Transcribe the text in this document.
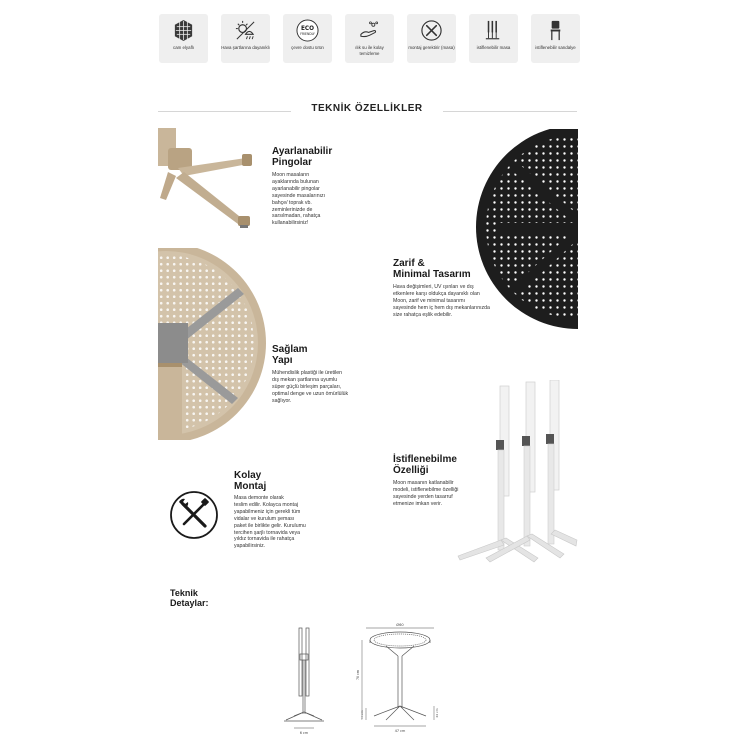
cam elyaflı	Hava şartlarına dayanıklı
ECO
FRIENDLY
çevre dostu ürün	ılık su ile kolay temizleme
montaj gerektirir (masa)	istiflenebilir masa	istiflenebilir sandalye
TEKNİK ÖZELLİKLER
Ayarlanabilir
Pingolar
Moon masaların
ayaklarında bulunan
ayarlanabilir pingolar
sayesinde masalarınızı
bahçe/ toprak vb.
zeminlerinizde de
sarsılmadan, rahatça
kullanabilirsiniz!
Zarif &
Minimal Tasarım
Hava değişimleri, UV ışınları ve dış
etkenlere karşı oldukça dayanıklı olan
Moon, zarif ve minimal tasarımı
sayesinde hem iç hem dış mekanlarınızda
size rahatça eşlik edebilir.
Sağlam
Yapı
Mühendislik plastiği ile üretilen
dış mekan şartlarına uyumlu
süper güçlü birleşim parçaları,
optimal denge ve uzun ömürlülük
sağlıyor.
İstiflenebilme
Özelliği
Moon masanın katlanabilir
modeli, istiflenebilme özelliği
sayesinde yerden tasarruf
etmenize imkan verir.
Kolay
Montaj
Masa demonte olarak
teslim edilir. Kolayca montaj
yapabilmeniz için gerekli tüm
vidalar ve kurulum şeması
paket ile birlikte gelir. Kurulumu
tercihen şarjlı tornavida veya
yıldız tornavida ile rahatça
yapabilirsiniz.
Teknik
Detaylar:
6 cm
Ø60
78 cm
47 cm
50 cm	44 cm
